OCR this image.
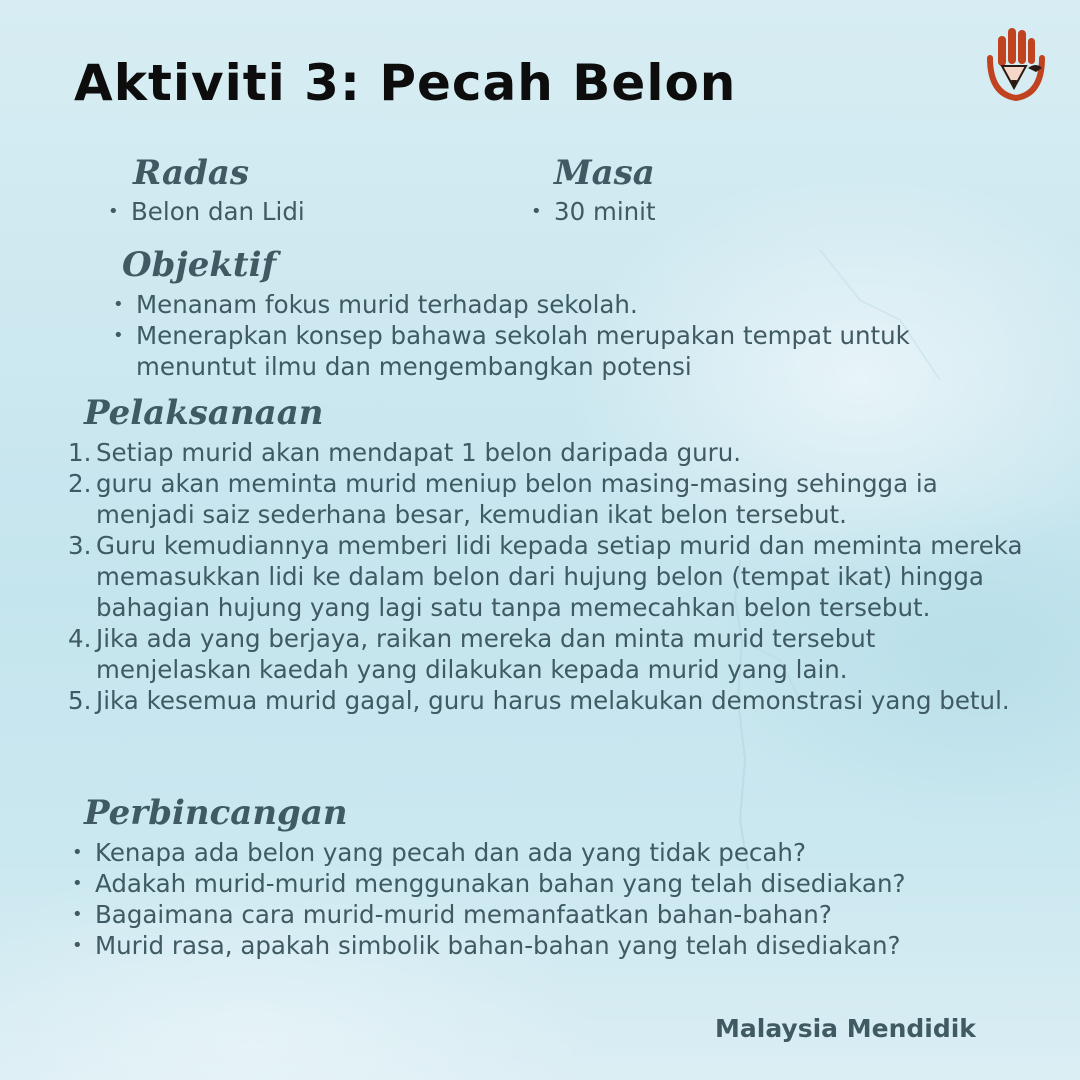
Aktiviti 3: Pecah Belon
Radas
• Belon dan Lidi
Masa
• 30 minit
Objektif
• Menanam fokus murid terhadap sekolah.
• Menerapkan konsep bahawa sekolah merupakan tempat untuk menuntut ilmu dan mengembangkan potensi
Pelaksanaan
1. Setiap murid akan mendapat 1 belon daripada guru.
2. guru akan meminta murid meniup belon masing-masing sehingga ia menjadi saiz sederhana besar, kemudian ikat belon tersebut.
3. Guru kemudiannya memberi lidi kepada setiap murid dan meminta mereka memasukkan lidi ke dalam belon dari hujung belon (tempat ikat) hingga bahagian hujung yang lagi satu tanpa memecahkan belon tersebut.
4. Jika ada yang berjaya, raikan mereka dan minta murid tersebut menjelaskan kaedah yang dilakukan kepada murid yang lain.
5. Jika kesemua murid gagal, guru harus melakukan demonstrasi yang betul.
Perbincangan
• Kenapa ada belon yang pecah dan ada yang tidak pecah?
• Adakah murid-murid menggunakan bahan yang telah disediakan?
• Bagaimana cara murid-murid memanfaatkan bahan-bahan?
• Murid rasa, apakah simbolik bahan-bahan yang telah disediakan?

Malaysia Mendidik
